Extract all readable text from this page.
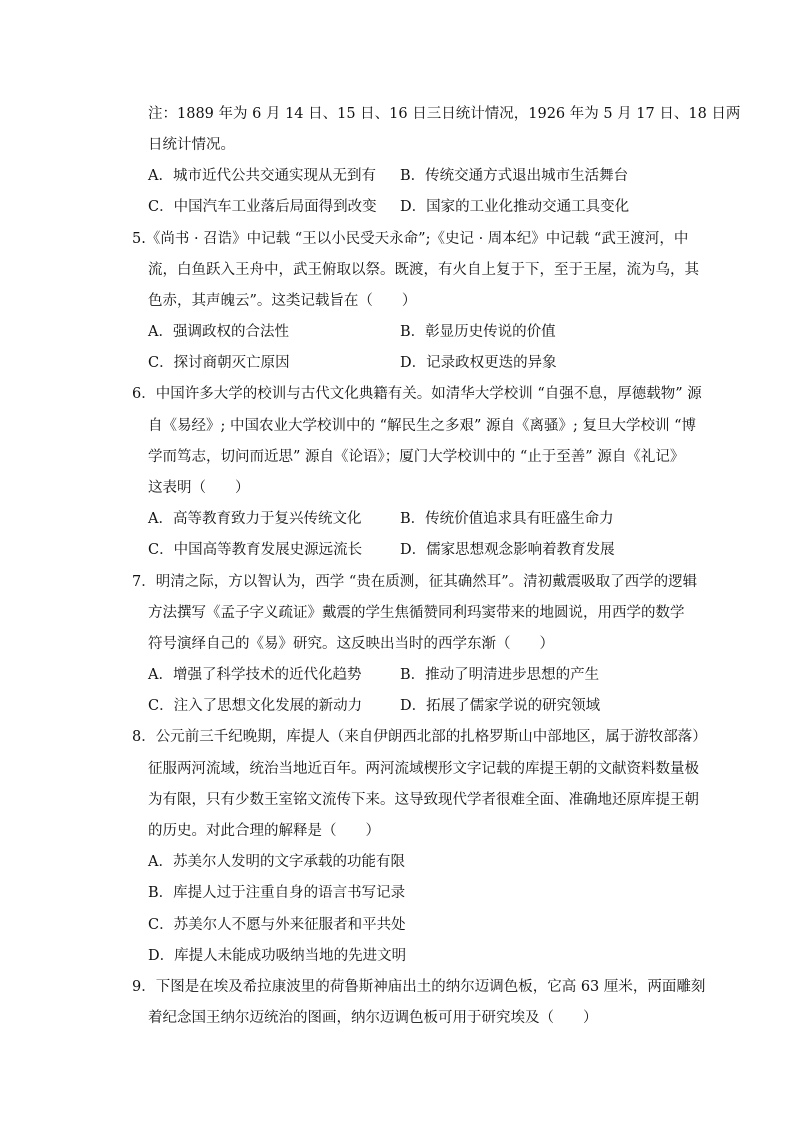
注：1889 年为 6 月 14 日、15 日、16 日三日统计情况，1926 年为 5 月 17 日、18 日两
日统计情况。
A．城市近代公共交通实现从无到有 B．传统交通方式退出城市生活舞台
C．中国汽车工业落后局面得到改变 D．国家的工业化推动交通工具变化
5.《尚书 · 召诰》中记载 “王以小民受天永命”;《史记 · 周本纪》中记载 “武王渡河，中
流，白鱼跃入王舟中，武王俯取以祭。既渡，有火自上复于下，至于王屋，流为乌，其
色赤，其声魄云”。这类记载旨在（　　）
A．强调政权的合法性	B．彰显历史传说的价值
C．探讨商朝灭亡原因	D．记录政权更迭的异象
6．中国许多大学的校训与古代文化典籍有关。如清华大学校训 “自强不息，厚德载物” 源
自《易经》; 中国农业大学校训中的 “解民生之多艰” 源自《离骚》; 复旦大学校训 “博
学而笃志，切问而近思” 源自《论语》；厦门大学校训中的 “止于至善” 源自《礼记》
这表明（　　）
A．高等教育致力于复兴传统文化	B．传统价值追求具有旺盛生命力
C．中国高等教育发展史源远流长	D．儒家思想观念影响着教育发展
7．明清之际，方以智认为，西学 “贵在质测，征其确然耳”。清初戴震吸取了西学的逻辑
方法撰写《孟子字义疏证》戴震的学生焦循赞同利玛窦带来的地圆说，用西学的数学
符号演绎自己的《易》研究。这反映出当时的西学东渐（　　）
A．增强了科学技术的近代化趋势	B．推动了明清进步思想的产生
C．注入了思想文化发展的新动力	D．拓展了儒家学说的研究领域
8．公元前三千纪晚期，库提人（来自伊朗西北部的扎格罗斯山中部地区，属于游牧部落）
征服两河流域，统治当地近百年。两河流域楔形文字记载的库提王朝的文献资料数量极
为有限，只有少数王室铭文流传下来。这导致现代学者很难全面、准确地还原库提王朝
的历史。对此合理的解释是（　　）
A．苏美尔人发明的文字承载的功能有限
B．库提人过于注重自身的语言书写记录
C．苏美尔人不愿与外来征服者和平共处
D．库提人未能成功吸纳当地的先进文明
9．下图是在埃及希拉康波里的荷鲁斯神庙出土的纳尔迈调色板，它高 63 厘米，两面雕刻
着纪念国王纳尔迈统治的图画，纳尔迈调色板可用于研究埃及（　　）
